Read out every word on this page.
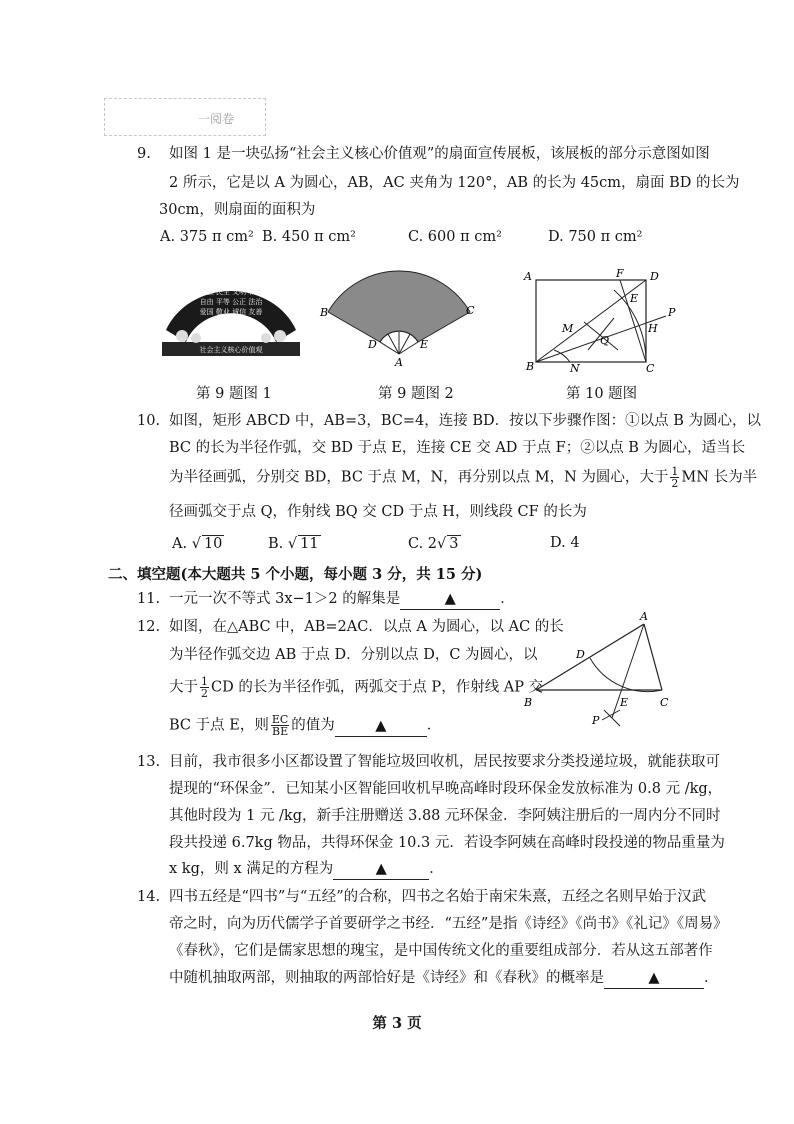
一阅卷
9. 如图 1 是一块弘扬“社会主义核心价值观”的扇面宣传展板，该展板的部分示意图如图
2 所示，它是以 A 为圆心，AB，AC 夹角为 120°，AB 的长为 45cm，扇面 BD 的长为
30cm，则扇面的面积为
A. 375 π cm² B. 450 π cm²	C. 600 π cm²	D. 750 π cm²
富强 民主 文明 和谐
自由 平等 公正 法治
爱国 敬业 诚信 友善
社会主义核心价值观
B	C
D	E
A
A	F D
E
P
H
M
Q
B	N	C
第 9 题图 1	第 9 题图 2	第 10 题图
10. 如图，矩形 ABCD 中，AB=3，BC=4，连接 BD．按以下步骤作图：①以点 B 为圆心，以
BC 的长为半径作弧，交 BD 于点 E，连接 CE 交 AD 于点 F；②以点 B 为圆心，适当长
为半径画弧，分别交 BD，BC 于点 M，N，再分别以点 M，N 为圆心，大于 $\frac{1}{2}$ MN 长为半
径画弧交于点 Q，作射线 BQ 交 CD 于点 H，则线段 CF 的长为
A. √ 10	B. √ 11	C. 2√ 3	D. 4
二、填空题(本大题共 5 个小题，每小题 3 分，共 15 分)
11. 一元一次不等式 3x−1＞2 的解集是	▲	．
12. 如图，在△ABC 中，AB=2AC．以点 A 为圆心，以 AC 的长
为半径作弧交边 AB 于点 D．分别以点 D，C 为圆心，以
大于 $\frac{1}{2}$ CD 的长为半径作弧，两弧交于点 P，作射线 AP 交
BC 于点 E，则 $\frac{EC}{BE}$ 的值为	▲	．
A
D
B
P
E	C
13. 目前，我市很多小区都设置了智能垃圾回收机，居民按要求分类投递垃圾，就能获取可
提现的“环保金”．已知某小区智能回收机早晚高峰时段环保金发放标准为 0.8 元 /kg，
其他时段为 1 元 /kg，新手注册赠送 3.88 元环保金．李阿姨注册后的一周内分不同时
段共投递 6.7kg 物品，共得环保金 10.3 元．若设李阿姨在高峰时段投递的物品重量为
x kg，则 x 满足的方程为	▲	．
14. 四书五经是“四书”与“五经”的合称，四书之名始于南宋朱熹，五经之名则早始于汉武
帝之时，向为历代儒学子首要研学之书经．“五经”是指《诗经》《尚书》《礼记》《周易》
《春秋》，它们是儒家思想的瑰宝，是中国传统文化的重要组成部分．若从这五部著作
中随机抽取两部，则抽取的两部恰好是《诗经》和《春秋》的概率是	▲	．
第 3 页
